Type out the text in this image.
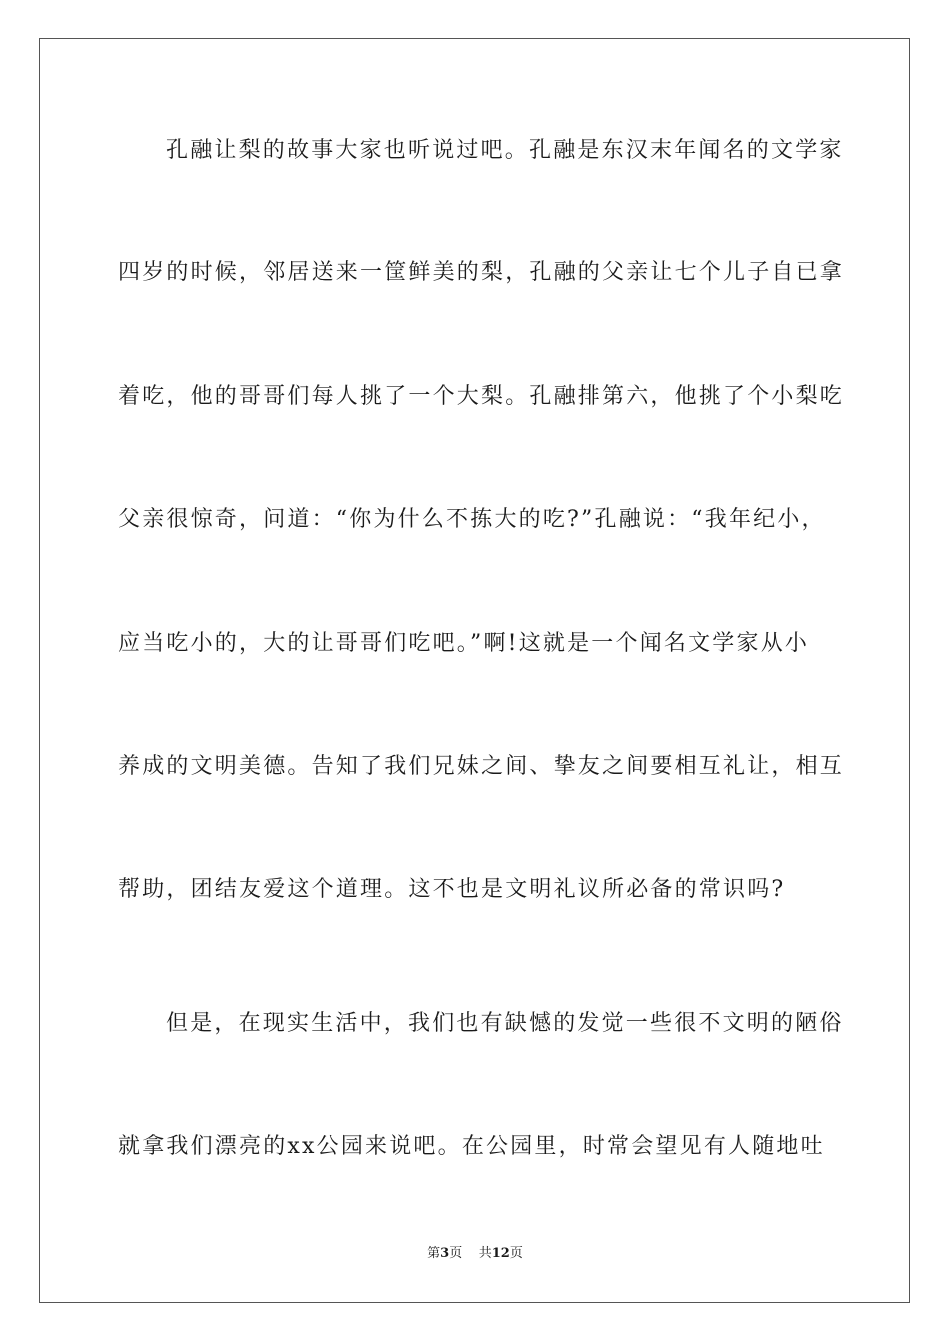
孔融让梨的故事大家也听说过吧。孔融是东汉末年闻名的文学家
四岁的时候，邻居送来一筐鲜美的梨，孔融的父亲让七个儿子自已拿
着吃，他的哥哥们每人挑了一个大梨。孔融排第六，他挑了个小梨吃
父亲很惊奇，问道：“你为什么不拣大的吃?”孔融说：“我年纪小，
应当吃小的，大的让哥哥们吃吧。”啊!这就是一个闻名文学家从小
养成的文明美德。告知了我们兄妹之间、挚友之间要相互礼让，相互
帮助，团结友爱这个道理。这不也是文明礼议所必备的常识吗?
但是，在现实生活中，我们也有缺憾的发觉一些很不文明的陋俗
就拿我们漂亮的xx公园来说吧。在公园里，时常会望见有人随地吐
第3页 共12页
